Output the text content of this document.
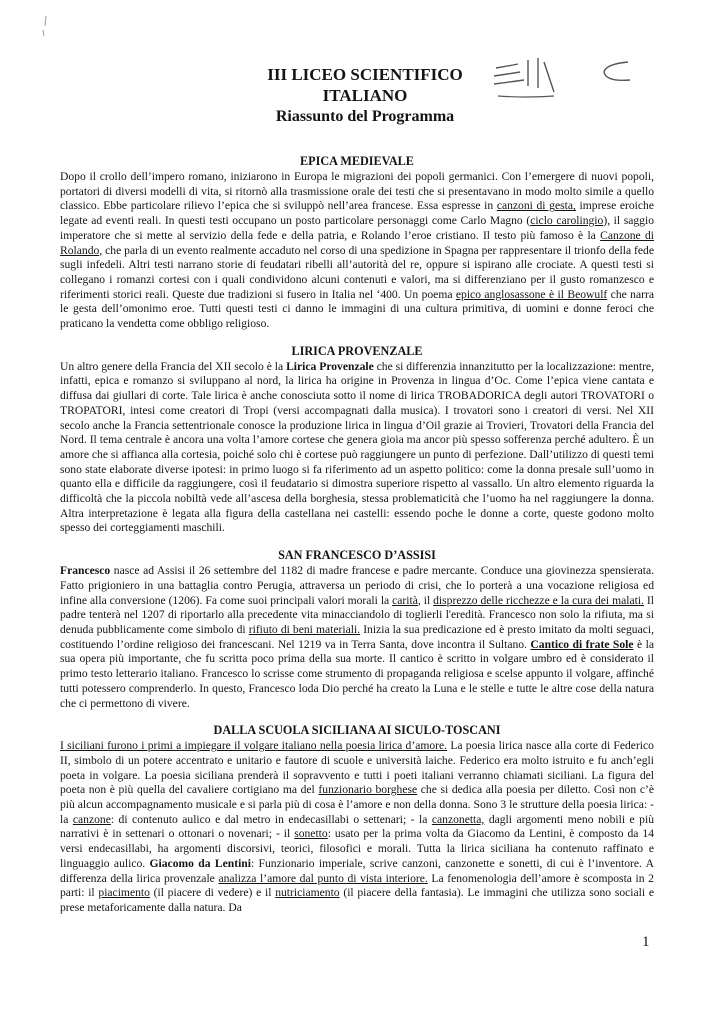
III LICEO SCIENTIFICO
ITALIANO
Riassunto del Programma
EPICA MEDIEVALE

Dopo il crollo dell’impero romano, iniziarono in Europa le migrazioni dei popoli germanici. Con l’emergere di nuovi popoli, portatori di diversi modelli di vita, si ritornò alla trasmissione orale dei testi che si presentavano in modo molto simile a quello classico. Ebbe particolare rilievo l’epica che si sviluppò nell’area francese. Essa espresse in canzoni di gesta, imprese eroiche legate ad eventi reali. In questi testi occupano un posto particolare personaggi come Carlo Magno (ciclo carolingio), il saggio imperatore che si mette al servizio della fede e della patria, e Rolando l’eroe cristiano. Il testo più famoso è la Canzone di Rolando, che parla di un evento realmente accaduto nel corso di una spedizione in Spagna per rappresentare il trionfo della fede sugli infedeli. Altri testi narrano storie di feudatari ribelli all’autorità del re, oppure si ispirano alle crociate. A questi testi si collegano i romanzi cortesi con i quali condividono alcuni contenuti e valori, ma si differenziano per il gusto romanzesco e riferimenti storici reali. Queste due tradizioni si fusero in Italia nel ‘400. Un poema epico anglosassone è il Beowulf che narra le gesta dell’omonimo eroe. Tutti questi testi ci danno le immagini di una cultura primitiva, di uomini e donne feroci che praticano la vendetta come obbligo religioso.

LIRICA PROVENZALE

Un altro genere della Francia del XII secolo è la Lirica Provenzale che si differenzia innanzitutto per la localizzazione: mentre, infatti, epica e romanzo si sviluppano al nord, la lirica ha origine in Provenza in lingua d’Oc. Come l’epica viene cantata e diffusa dai giullari di corte. Tale lirica è anche conosciuta sotto il nome di lirica TROBADORICA degli autori TROVATORI o TROPATORI, intesi come creatori di Tropi (versi accompagnati dalla musica). I trovatori sono i creatori di versi. Nel XII secolo anche la Francia settentrionale conosce la produzione lirica in lingua d’Oil grazie ai Trovieri, Trovatori della Francia del Nord. Il tema centrale è ancora una volta l’amore cortese che genera gioia ma ancor più spesso sofferenza perché adultero. È un amore che si affianca alla cortesia, poiché solo chi è cortese può raggiungere un punto di perfezione. Dall’utilizzo di questi temi sono state elaborate diverse ipotesi: in primo luogo si fa riferimento ad un aspetto politico: come la donna presale sull’uomo in quanto ella e difficile da raggiungere, così il feudatario si dimostra superiore rispetto al vassallo. Un altro elemento riguarda la difficoltà che la piccola nobiltà vede all’ascesa della borghesia, stessa problematicità che l’uomo ha nel raggiungere la donna. Altra interpretazione è legata alla figura della castellana nei castelli: essendo poche le donne a corte, queste godono molto spesso dei corteggiamenti maschili.

SAN FRANCESCO D’ASSISI

Francesco nasce ad Assisi il 26 settembre del 1182 di madre francese e padre mercante. Conduce una giovinezza spensierata. Fatto prigioniero in una battaglia contro Perugia, attraversa un periodo di crisi, che lo porterà a una vocazione religiosa ed infine alla conversione (1206). Fa come suoi principali valori morali la carità, il disprezzo delle ricchezze e la cura dei malati. Il padre tenterà nel 1207 di riportarlo alla precedente vita minacciandolo di toglierli l'eredità. Francesco non solo la rifiuta, ma si denuda pubblicamente come simbolo di rifiuto di beni materiali. Inizia la sua predicazione ed è presto imitato da molti seguaci, costituendo l’ordine religioso dei francescani. Nel 1219 va in Terra Santa, dove incontra il Sultano. Cantico di frate Sole è la sua opera più importante, che fu scritta poco prima della sua morte. Il cantico è scritto in volgare umbro ed è considerato il primo testo letterario italiano. Francesco lo scrisse come strumento di propaganda religiosa e scelse appunto il volgare, affinché tutti potessero comprenderlo. In questo, Francesco loda Dio perché ha creato la Luna e le stelle e tutte le altre cose della natura che ci permettono di vivere.

DALLA SCUOLA SICILIANA AI SICULO-TOSCANI

I siciliani furono i primi a impiegare il volgare italiano nella poesia lirica d’amore. La poesia lirica nasce alla corte di Federico II, simbolo di un potere accentrato e unitario e fautore di scuole e università laiche. Federico era molto istruito e fu anch’egli poeta in volgare. La poesia siciliana prenderà il sopravvento e tutti i poeti italiani verranno chiamati siciliani. La figura del poeta non è più quella del cavaliere cortigiano ma del funzionario borghese che si dedica alla poesia per diletto. Così non c’è più alcun accompagnamento musicale e si parla più di cosa è l’amore e non della donna. Sono 3 le strutture della poesia lirica: - la canzone: di contenuto aulico e dal metro in endecasillabi o settenari; - la canzonetta, dagli argomenti meno nobili e più narrativi è in settenari o ottonari o novenari; - il sonetto: usato per la prima volta da Giacomo da Lentini, è composto da 14 versi endecasillabi, ha argomenti discorsivi, teorici, filosofici e morali. Tutta la lirica siciliana ha contenuto raffinato e linguaggio aulico. Giacomo da Lentini: Funzionario imperiale, scrive canzoni, canzonette e sonetti, di cui è l’inventore. A differenza della lirica provenzale analizza l’amore dal punto di vista interiore. La fenomenologia dell’amore è scomposta in 2 parti: il piacimento (il piacere di vedere) e il nutriciamento (il piacere della fantasia). Le immagini che utilizza sono sociali e prese metaforicamente dalla natura. Da

1
